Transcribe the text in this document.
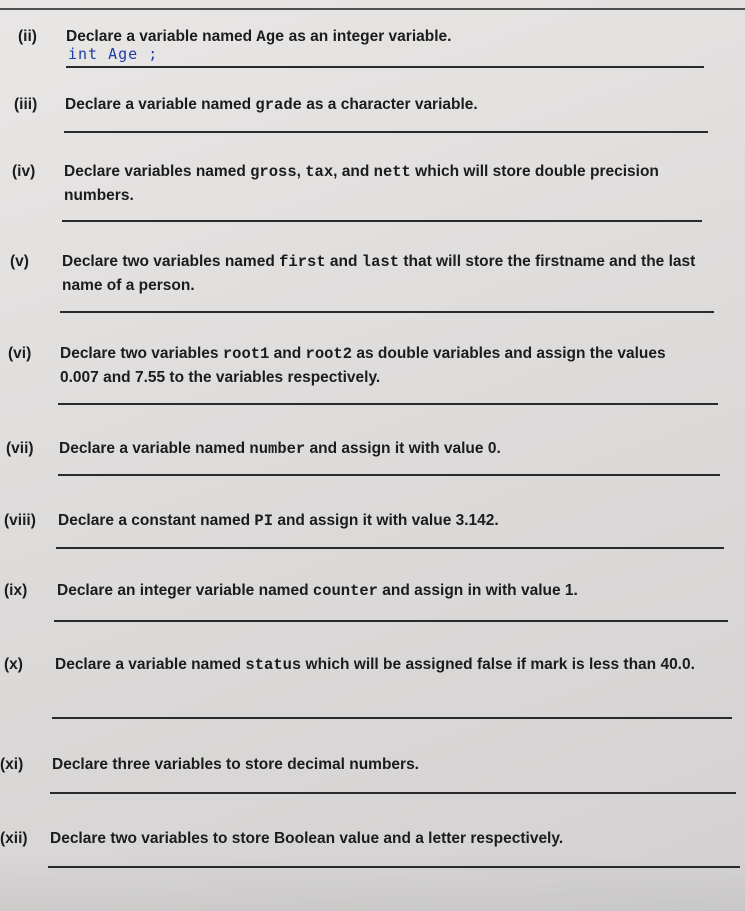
(ii) Declare a variable named Age as an integer variable.
int Age ;
(iii) Declare a variable named grade as a character variable.
(iv) Declare variables named gross, tax, and nett which will store double precision numbers.
(v) Declare two variables named first and last that will store the firstname and the last name of a person.
(vi) Declare two variables root1 and root2 as double variables and assign the values 0.007 and 7.55 to the variables respectively.
(vii) Declare a variable named number and assign it with value 0.
(viii) Declare a constant named PI and assign it with value 3.142.
(ix) Declare an integer variable named counter and assign in with value 1.
(x) Declare a variable named status which will be assigned false if mark is less than 40.0.
(xi) Declare three variables to store decimal numbers.
(xii) Declare two variables to store Boolean value and a letter respectively.
